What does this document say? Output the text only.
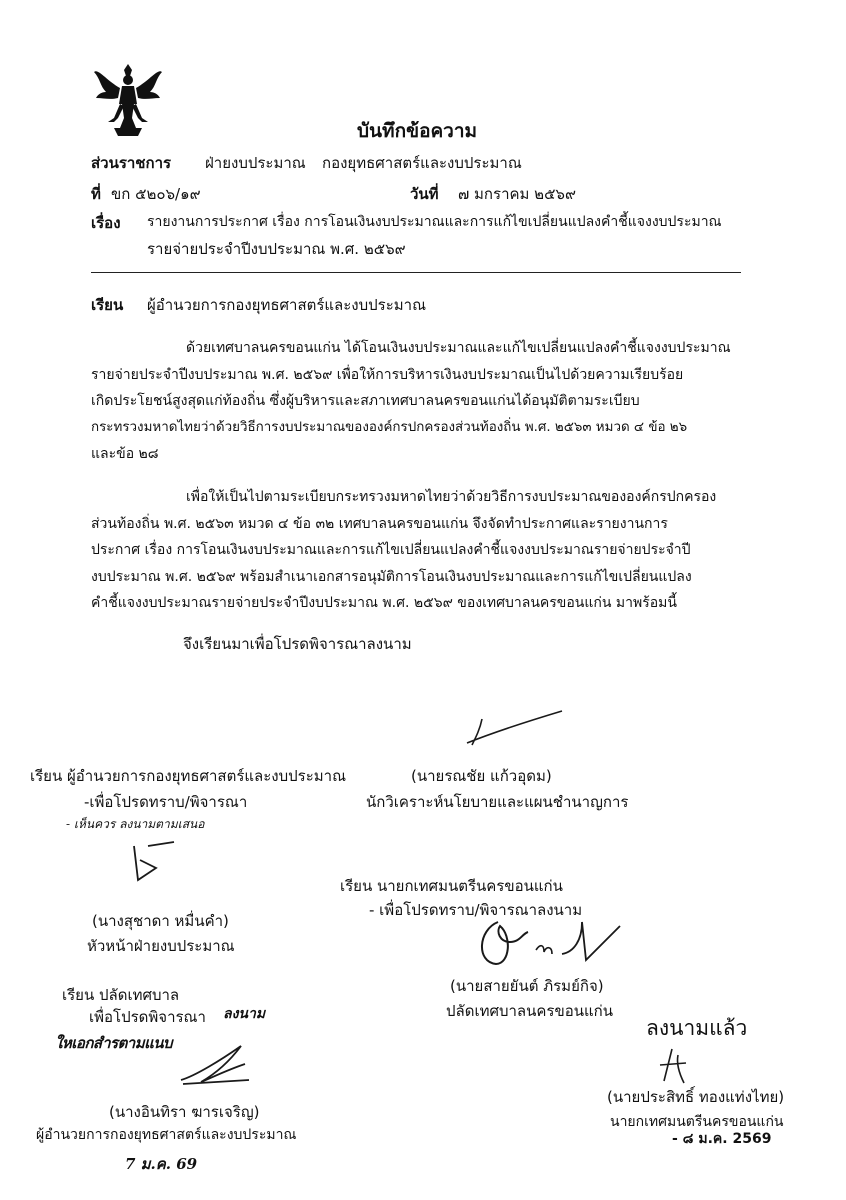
บันทึกข้อความ
ส่วนราชการ ฝ่ายงบประมาณ กองยุทธศาสตร์และงบประมาณ
ที่ ขก ๕๒๐๖/๑๙	วันที่ ๗ มกราคม ๒๕๖๙
เรื่อง รายงานการประกาศ เรื่อง การโอนเงินงบประมาณและการแก้ไขเปลี่ยนแปลงคำชี้แจงงบประมาณ
รายจ่ายประจำปีงบประมาณ พ.ศ. ๒๕๖๙
เรียน ผู้อำนวยการกองยุทธศาสตร์และงบประมาณ
ด้วยเทศบาลนครขอนแก่น ได้โอนเงินงบประมาณและแก้ไขเปลี่ยนแปลงคำชี้แจงงบประมาณ
รายจ่ายประจำปีงบประมาณ พ.ศ. ๒๕๖๙ เพื่อให้การบริหารเงินงบประมาณเป็นไปด้วยความเรียบร้อย
เกิดประโยชน์สูงสุดแก่ท้องถิ่น ซึ่งผู้บริหารและสภาเทศบาลนครขอนแก่นได้อนุมัติตามระเบียบ
กระทรวงมหาดไทยว่าด้วยวิธีการงบประมาณขององค์กรปกครองส่วนท้องถิ่น พ.ศ. ๒๕๖๓ หมวด ๔ ข้อ ๒๖
และข้อ ๒๘
เพื่อให้เป็นไปตามระเบียบกระทรวงมหาดไทยว่าด้วยวิธีการงบประมาณขององค์กรปกครอง
ส่วนท้องถิ่น พ.ศ. ๒๕๖๓ หมวด ๔ ข้อ ๓๒ เทศบาลนครขอนแก่น จึงจัดทำประกาศและรายงานการ
ประกาศ เรื่อง การโอนเงินงบประมาณและการแก้ไขเปลี่ยนแปลงคำชี้แจงงบประมาณรายจ่ายประจำปี
งบประมาณ พ.ศ. ๒๕๖๙ พร้อมสำเนาเอกสารอนุมัติการโอนเงินงบประมาณและการแก้ไขเปลี่ยนแปลง
คำชี้แจงงบประมาณรายจ่ายประจำปีงบประมาณ พ.ศ. ๒๕๖๙ ของเทศบาลนครขอนแก่น มาพร้อมนี้
จึงเรียนมาเพื่อโปรดพิจารณาลงนาม
(นายรณชัย แก้วอุดม)
นักวิเคราะห์นโยบายและแผนชำนาญการ
เรียน ผู้อำนวยการกองยุทธศาสตร์และงบประมาณ
-เพื่อโปรดทราบ/พิจารณา
- เห็นควร ลงนามตามเสนอ
(นางสุชาดา หมื่นคำ)
หัวหน้าฝ่ายงบประมาณ
เรียน นายกเทศมนตรีนครขอนแก่น
- เพื่อโปรดทราบ/พิจารณาลงนาม
(นายสายยันต์ ภิรมย์กิจ)
ปลัดเทศบาลนครขอนแก่น
เรียน ปลัดเทศบาล
เพื่อโปรดพิจารณา ลงนาม
ใหเอกสำรตามแนบ
(นางอินทิรา ฆารเจริญ)
ผู้อำนวยการกองยุทธศาสตร์และงบประมาณ
7 ม.ค. 69
ลงนามแล้ว
(นายประสิทธิ์ ทองแท่งไทย)
นายกเทศมนตรีนครขอนแก่น
- ๘ ม.ค. 2569
